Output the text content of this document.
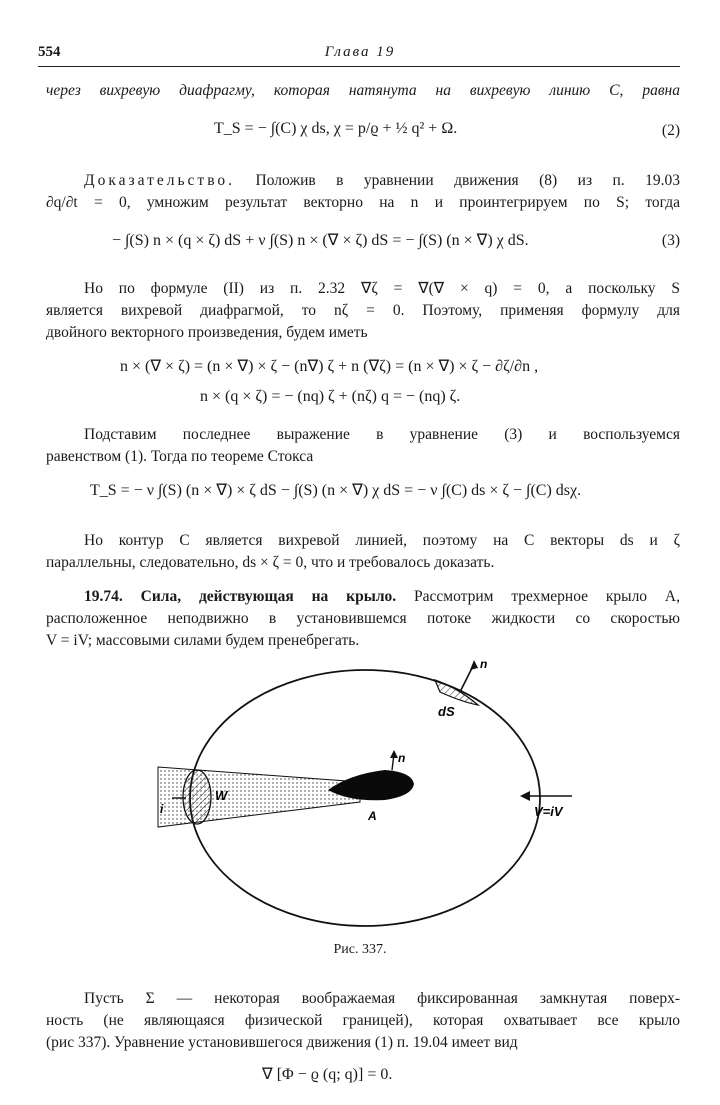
554	Глава 19
через вихревую диафрагму, которая натянута на вихревую линию C, равна
T_S = − ∫(C) χ ds, χ = p/ϱ + ½ q² + Ω.	(2)
Доказательство. Положив в уравнении движения (8) из п. 19.03
∂q/∂t = 0, умножим результат векторно на n и проинтегрируем по S; тогда
− ∫(S) n × (q × ζ) dS + ν ∫(S) n × (∇ × ζ) dS = − ∫(S) (n × ∇) χ dS.	(3)
Но по формуле (II) из п. 2.32 ∇ζ = ∇(∇ × q) = 0, а поскольку S
является вихревой диафрагмой, то nζ = 0. Поэтому, применяя формулу для
двойного векторного произведения, будем иметь
n × (∇ × ζ) = (n × ∇) × ζ − (n∇) ζ + n (∇ζ) = (n × ∇) × ζ − ∂ζ/∂n ,
n × (q × ζ) = − (nq) ζ + (nζ) q = − (nq) ζ.
Подставим последнее выражение в уравнение (3) и воспользуемся
равенством (1). Тогда по теореме Стокса
T_S = − ν ∫(S) (n × ∇) × ζ dS − ∫(S) (n × ∇) χ dS = − ν ∫(C) ds × ζ − ∫(C) dsχ.
Но контур C является вихревой линией, поэтому на C векторы ds и ζ
параллельны, следовательно, ds × ζ = 0, что и требовалось доказать.
19.74. Сила, действующая на крыло. Рассмотрим трехмерное крыло A,
расположенное неподвижно в установившемся потоке жидкости со скоростью
V = iV; массовыми силами будем пренебрегать.
n
dS
i
W
n
A	V=iV
Рис. 337.
Пусть Σ — некоторая воображаемая фиксированная замкнутая поверх-
ность (не являющаяся физической границей), которая охватывает все крыло
(рис 337). Уравнение установившегося движения (1) п. 19.04 имеет вид
∇ [Φ − ϱ (q; q)] = 0.
